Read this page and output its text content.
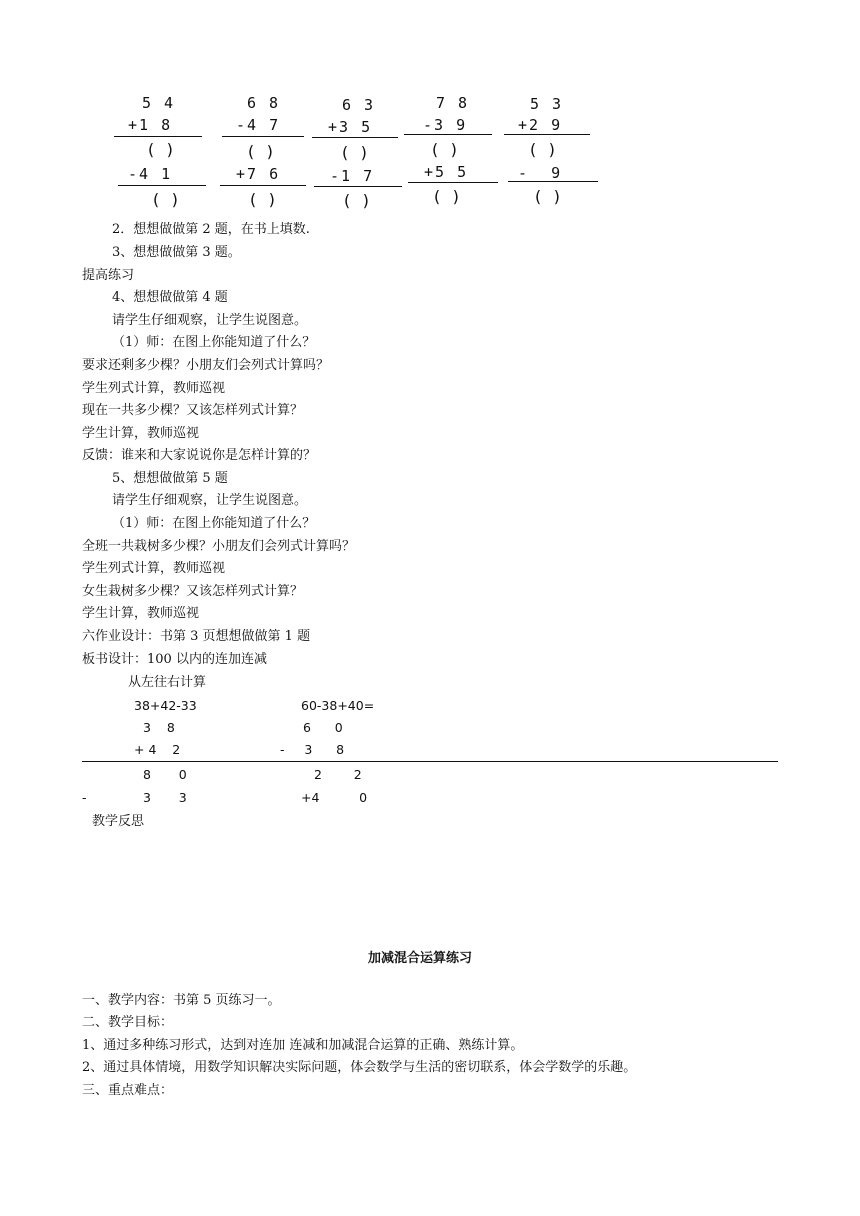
5 4
+1 8
( )
-4 1
( )
6 8
-4 7
( )
+7 6
( )
6 3
+3 5
( )
-1 7
( )
7 8
-3 9
( )
+5 5
( )
5 3
+2 9
( )
-  9
( )
2．想想做做第 2 题，在书上填数.
3、想想做做第 3 题。
提高练习
4、想想做做第 4 题
请学生仔细观察，让学生说图意。
（1）师：在图上你能知道了什么？
要求还剩多少棵？小朋友们会列式计算吗？
学生列式计算，教师巡视
现在一共多少棵？又该怎样列式计算？
学生计算，教师巡视
反馈：谁来和大家说说你是怎样计算的？
5、想想做做第 5 题
请学生仔细观察，让学生说图意。
（1）师：在图上你能知道了什么？
全班一共栽树多少棵？小朋友们会列式计算吗？
学生列式计算，教师巡视
女生栽树多少棵？又该怎样列式计算？
学生计算，教师巡视
六作业设计：书第 3 页想想做做第 1 题
板书设计：100 以内的连加连减
从左往右计算
38+42-33	60-38+40=
3    8	6      0
+ 4    2	-     3      8
8       0	2        2
-	3       3	+4          0
教学反思
加减混合运算练习
一、教学内容：书第 5 页练习一。
二、教学目标：
1、通过多种练习形式，达到对连加 连减和加减混合运算的正确、熟练计算。
2、通过具体情境，用数学知识解决实际问题，体会数学与生活的密切联系，体会学数学的乐趣。
三、重点难点：
